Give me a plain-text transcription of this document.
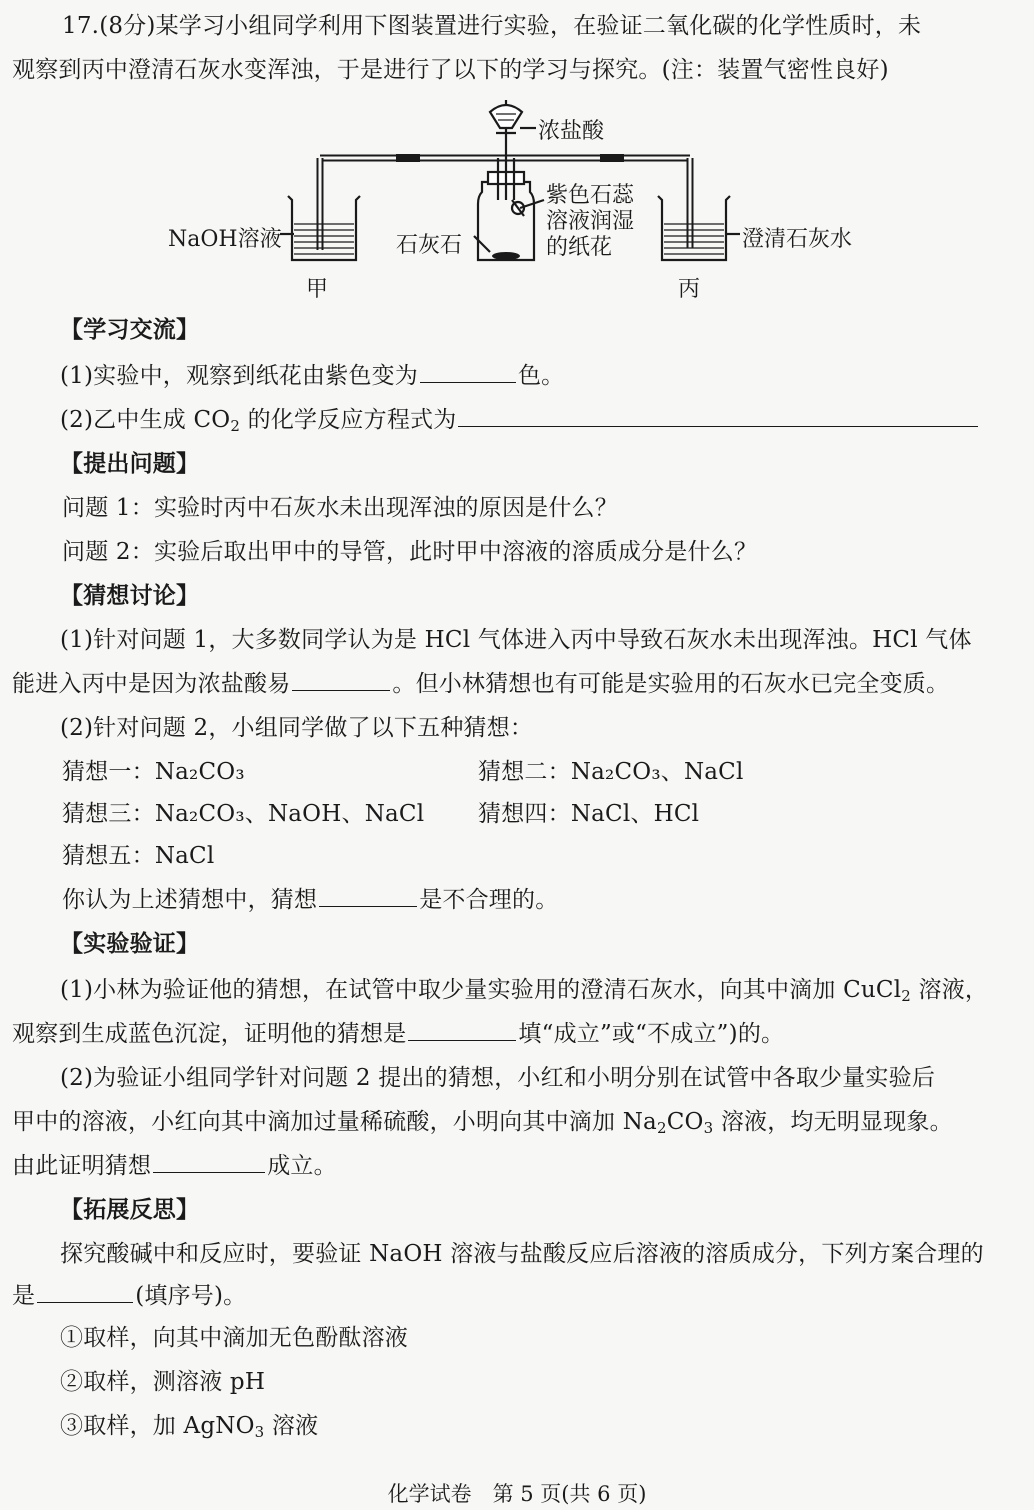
17.(8分)某学习小组同学利用下图装置进行实验，在验证二氧化碳的化学性质时，未
观察到丙中澄清石灰水变浑浊，于是进行了以下的学习与探究。(注：装置气密性良好)
浓盐酸
紫色石蕊
溶液润湿
的纸花
NaOH溶液	石灰石	澄清石灰水
甲	丙
【学习交流】
(1)实验中，观察到纸花由紫色变为	色。
(2)乙中生成 $CO_2$ 的化学反应方程式为
【提出问题】
问题 1：实验时丙中石灰水未出现浑浊的原因是什么？
问题 2：实验后取出甲中的导管，此时甲中溶液的溶质成分是什么？
【猜想讨论】
(1)针对问题 1，大多数同学认为是 HCl 气体进入丙中导致石灰水未出现浑浊。HCl 气体
能进入丙中是因为浓盐酸易	。但小林猜想也有可能是实验用的石灰水已完全变质。
(2)针对问题 2，小组同学做了以下五种猜想：
猜想一：Na₂CO₃	猜想二：Na₂CO₃、NaCl
猜想三：Na₂CO₃、NaOH、NaCl 猜想四：NaCl、HCl
猜想五：NaCl
你认为上述猜想中，猜想	是不合理的。
【实验验证】
(1)小林为验证他的猜想，在试管中取少量实验用的澄清石灰水，向其中滴加 CuCl$_2$ 溶液，
观察到生成蓝色沉淀，证明他的猜想是	填“成立”或“不成立”)的。
(2)为验证小组同学针对问题 2 提出的猜想，小红和小明分别在试管中各取少量实验后
甲中的溶液，小红向其中滴加过量稀硫酸，小明向其中滴加 $Na_2CO_3$ 溶液，均无明显现象。
由此证明猜想	成立。
【拓展反思】
探究酸碱中和反应时，要验证 NaOH 溶液与盐酸反应后溶液的溶质成分，下列方案合理的
是	(填序号)。
①取样，向其中滴加无色酚酞溶液
②取样，测溶液 pH
③取样，加 AgNO$_3$ 溶液
化学试卷　第 5 页(共 6 页)
